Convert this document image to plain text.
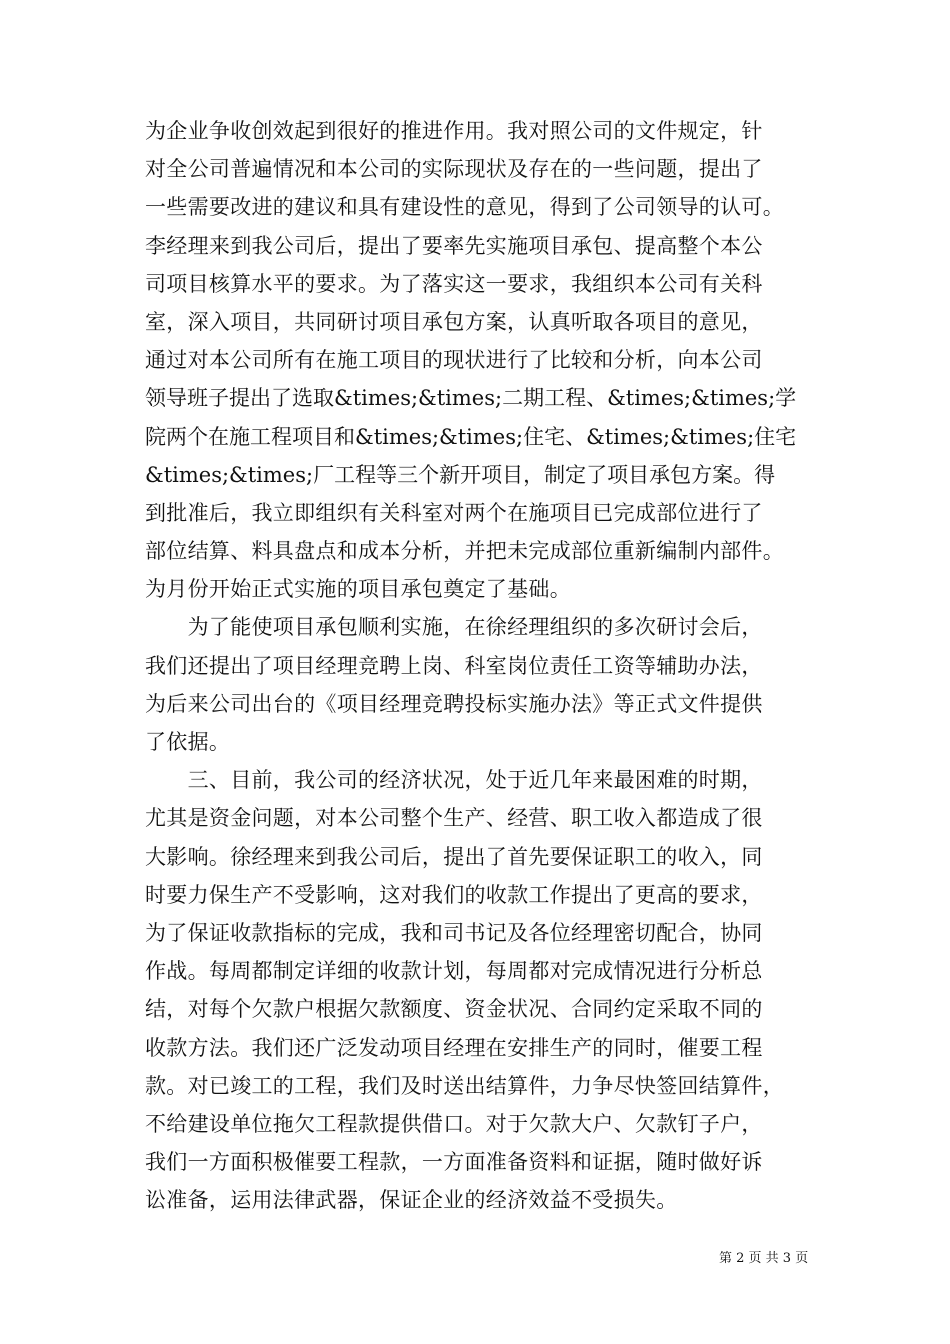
为企业争收创效起到很好的推进作用。我对照公司的文件规定，针
对全公司普遍情况和本公司的实际现状及存在的一些问题，提出了
一些需要改进的建议和具有建设性的意见，得到了公司领导的认可。
李经理来到我公司后，提出了要率先实施项目承包、提高整个本公
司项目核算水平的要求。为了落实这一要求，我组织本公司有关科
室，深入项目，共同研讨项目承包方案，认真听取各项目的意见，
通过对本公司所有在施工项目的现状进行了比较和分析，向本公司
领导班子提出了选取&times;&times;二期工程、&times;&times;学
院两个在施工程项目和&times;&times;住宅、&times;&times;住宅
&times;&times;厂工程等三个新开项目，制定了项目承包方案。得
到批准后，我立即组织有关科室对两个在施项目已完成部位进行了
部位结算、料具盘点和成本分析，并把未完成部位重新编制内部件。
为月份开始正式实施的项目承包奠定了基础。
　　为了能使项目承包顺利实施，在徐经理组织的多次研讨会后，
我们还提出了项目经理竞聘上岗、科室岗位责任工资等辅助办法，
为后来公司出台的《项目经理竞聘投标实施办法》等正式文件提供
了依据。
　　三、目前，我公司的经济状况，处于近几年来最困难的时期，
尤其是资金问题，对本公司整个生产、经营、职工收入都造成了很
大影响。徐经理来到我公司后，提出了首先要保证职工的收入，同
时要力保生产不受影响，这对我们的收款工作提出了更高的要求，
为了保证收款指标的完成，我和司书记及各位经理密切配合，协同
作战。每周都制定详细的收款计划，每周都对完成情况进行分析总
结，对每个欠款户根据欠款额度、资金状况、合同约定采取不同的
收款方法。我们还广泛发动项目经理在安排生产的同时，催要工程
款。对已竣工的工程，我们及时送出结算件，力争尽快签回结算件，
不给建设单位拖欠工程款提供借口。对于欠款大户、欠款钉子户，
我们一方面积极催要工程款，一方面准备资料和证据，随时做好诉
讼准备，运用法律武器，保证企业的经济效益不受损失。
第 2 页 共 3 页
